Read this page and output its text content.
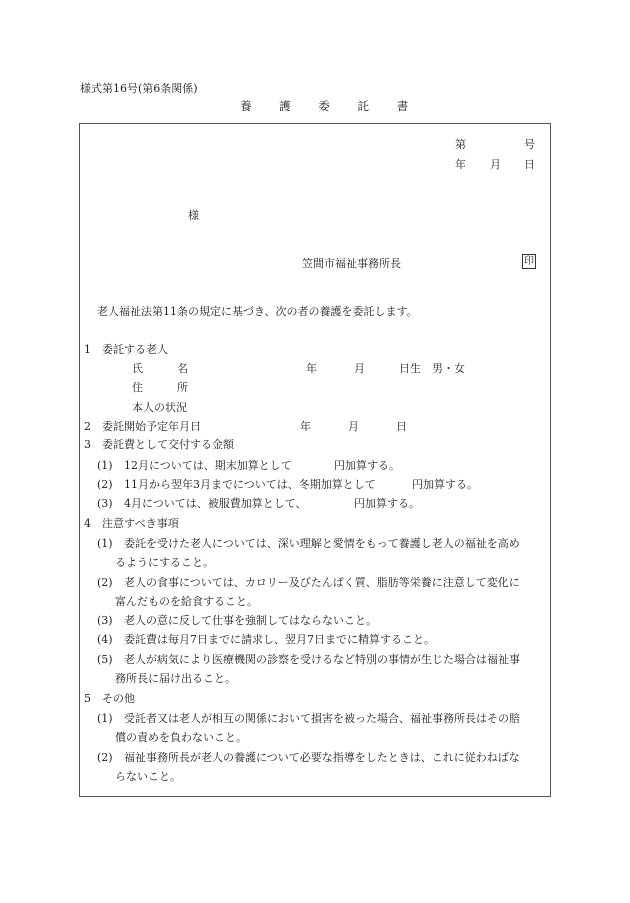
様式第16号(第6条関係)
養 護 委 託 書
第	号
年 月 日
様
笠間市福祉事務所長	印
老人福祉法第11条の規定に基づき、次の者の養護を委託します。
1 委託する老人
氏	名	年	月	日生 男・女
住	所
本人の状況
2 委託開始予定年月日	年	月	日
3 委託費として交付する金額
(1) 12月については、期末加算として	円加算する。
(2) 11月から翌年3月までについては、冬期加算として	円加算する。
(3) 4月については、被服費加算として、	円加算する。
4 注意すべき事項
(1) 委託を受けた老人については、深い理解と愛情をもって養護し老人の福祉を高め
るようにすること。
(2) 老人の食事については、カロリー及びたんぱく質、脂肪等栄養に注意して変化に
富んだものを給食すること。
(3) 老人の意に反して仕事を強制してはならないこと。
(4) 委託費は毎月7日までに請求し、翌月7日までに精算すること。
(5) 老人が病気により医療機関の診察を受けるなど特別の事情が生じた場合は福祉事
務所長に届け出ること。
5 その他
(1) 受託者又は老人が相互の関係において損害を被った場合、福祉事務所長はその賠
償の責めを負わないこと。
(2) 福祉事務所長が老人の養護について必要な指導をしたときは、これに従わねばな
らないこと。
